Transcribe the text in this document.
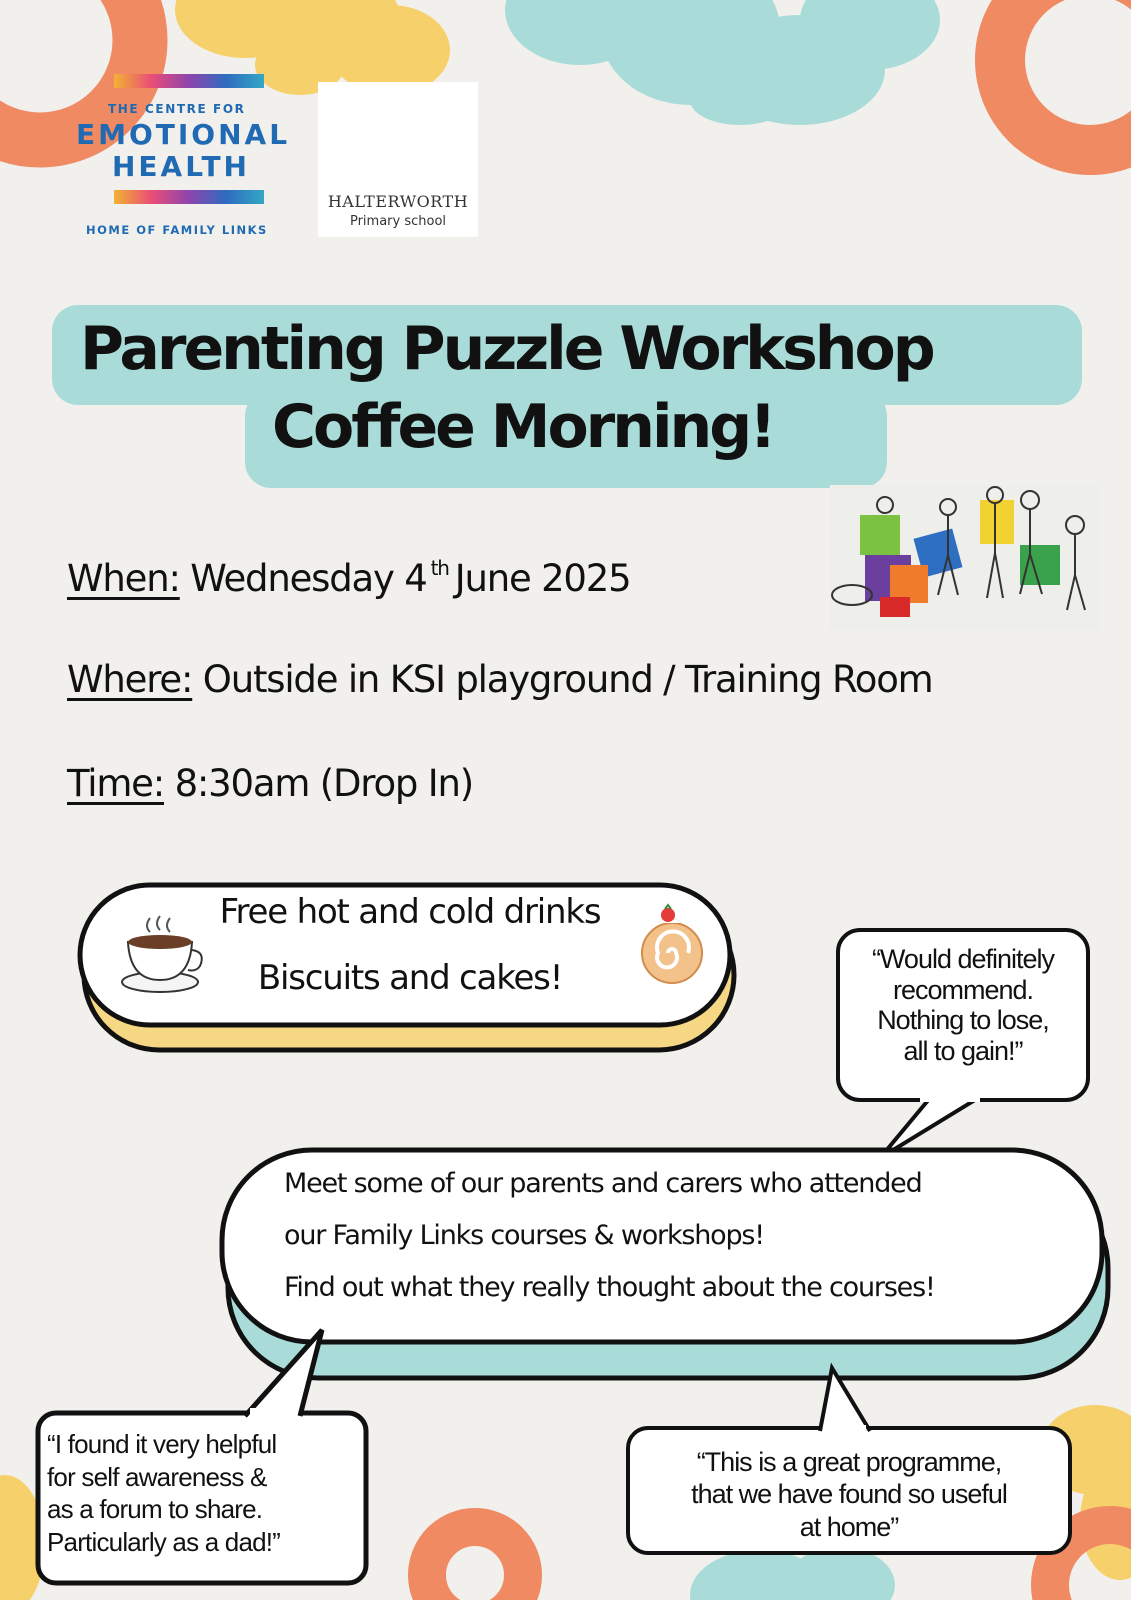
THE CENTRE FOR
EMOTIONAL
HEALTH
HOME OF FAMILY LINKS
HALTERWORTH
Primary school
Parenting Puzzle Workshop
Coffee Morning!
When: Wednesday 4 $^{th}$ June 2025
Where: Outside in KSI playground / Training Room
Time: 8:30am (Drop In)
Free hot and cold drinks
Biscuits and cakes!
Meet some of our parents and carers who attended
our Family Links courses & workshops!
Find out what they really thought about the courses!
“Would definitely
recommend.
Nothing to lose,
all to gain!”
“I found it very helpful
for self awareness &
as a forum to share.
Particularly as a dad!”
“This is a great programme,
that we have found so useful
at home”
